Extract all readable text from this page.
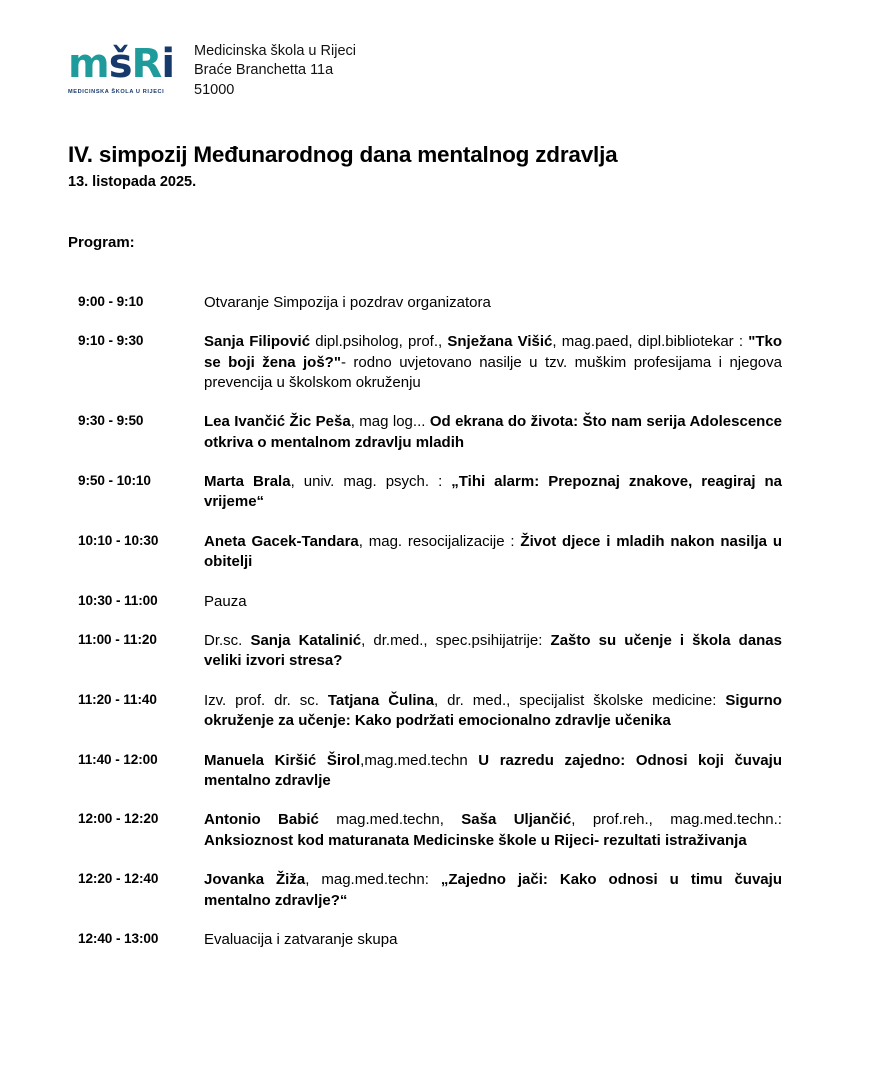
mšRi
MEDICINSKA ŠKOLA U RIJECI
Medicinska škola u Rijeci
Braće Branchetta 11a
51000
IV. simpozij Međunarodnog dana mentalnog zdravlja
13. listopada 2025.
Program:
9:00 - 9:10	Otvaranje Simpozija i pozdrav organizatora
9:10 - 9:30	Sanja Filipović dipl.psiholog, prof., Snježana Višić, mag.paed, dipl.bibliotekar : "Tko se boji žena još?"- rodno uvjetovano nasilje u tzv. muškim profesijama i njegova prevencija u školskom okruženju
9:30 - 9:50	Lea Ivančić Žic Peša, mag log... Od ekrana do života: Što nam serija Adolescence otkriva o mentalnom zdravlju mladih
9:50 - 10:10	Marta Brala, univ. mag. psych. : „Tihi alarm: Prepoznaj znakove, reagiraj na vrijeme“
10:10 - 10:30	Aneta Gacek-Tandara, mag. resocijalizacije : Život djece i mladih nakon nasilja u obitelji
10:30 - 11:00	Pauza
11:00 - 11:20	Dr.sc. Sanja Katalinić, dr.med., spec.psihijatrije: Zašto su učenje i škola danas veliki izvori stresa?
11:20 - 11:40	Izv. prof. dr. sc. Tatjana Čulina, dr. med., specijalist školske medicine: Sigurno okruženje za učenje: Kako podržati emocionalno zdravlje učenika
11:40 - 12:00	Manuela Kiršić Širol,mag.med.techn U razredu zajedno: Odnosi koji čuvaju mentalno zdravlje
12:00 - 12:20	Antonio Babić mag.med.techn, Saša Uljančić, prof.reh., mag.med.techn.: Anksioznost kod maturanata Medicinske škole u Rijeci- rezultati istraživanja
12:20 - 12:40	Jovanka Žiža, mag.med.techn: „Zajedno jači: Kako odnosi u timu čuvaju mentalno zdravlje?“
12:40 - 13:00	Evaluacija i zatvaranje skupa
